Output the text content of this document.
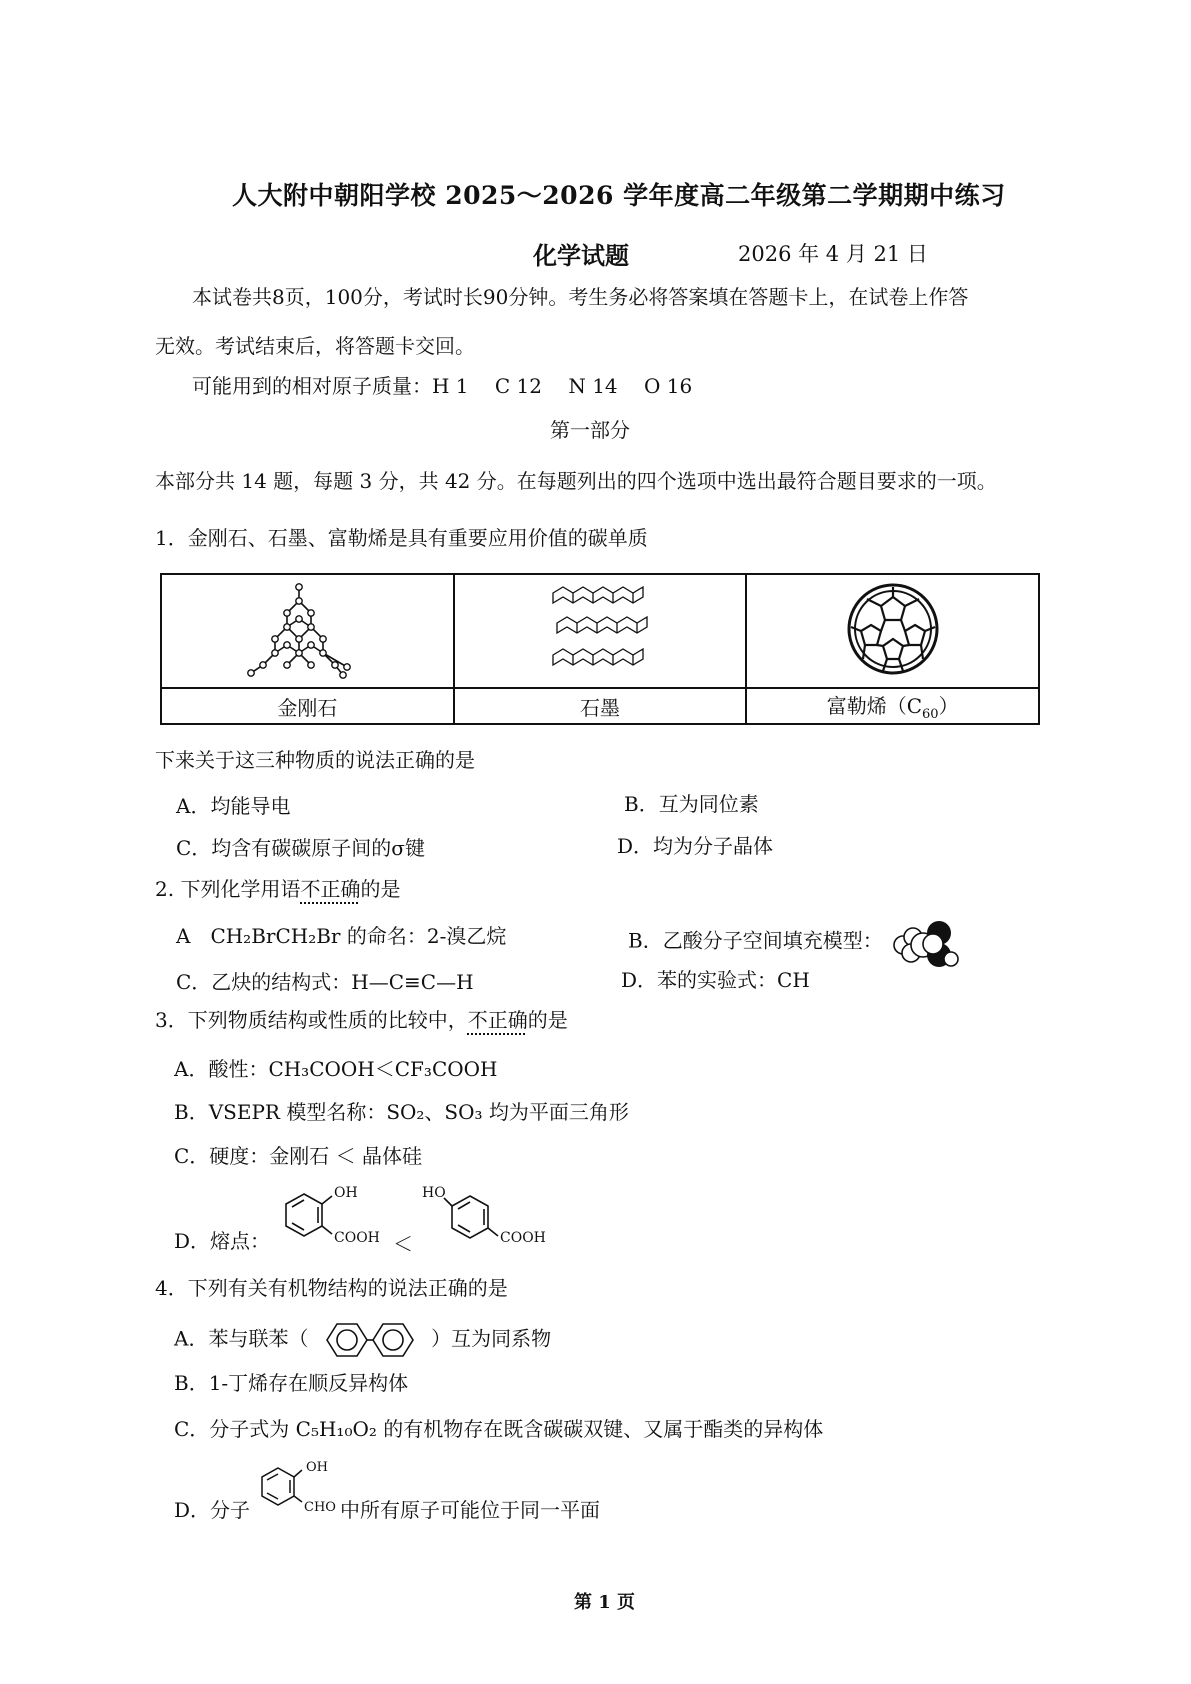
人大附中朝阳学校 2025～2026 学年度高二年级第二学期期中练习
化学试题	2026 年 4 月 21 日
本试卷共8页，100分，考试时长90分钟。考生务必将答案填在答题卡上，在试卷上作答
无效。考试结束后，将答题卡交回。
可能用到的相对原子质量：H 1　 C 12　 N 14　 O 16
第一部分
本部分共 14 题，每题 3 分，共 42 分。在每题列出的四个选项中选出最符合题目要求的一项。
1．金刚石、石墨、富勒烯是具有重要应用价值的碳单质

金刚石	石墨	富勒烯$(C_{60})$
下来关于这三种物质的说法正确的是
A．均能导电	B．互为同位素
C．均含有碳碳原子间的σ键	D．均为分子晶体
2. 下列化学用语不正确的是
A　CH₂BrCH₂Br 的命名：2-溴乙烷	B．乙酸分子空间填充模型：
C．乙炔的结构式：H—C≡C—H	D．苯的实验式：CH
3．下列物质结构或性质的比较中，不正确的是
A．酸性：CH₃COOH＜CF₃COOH
B．VSEPR 模型名称：SO₂、SO₃ 均为平面三角形
C．硬度：金刚石 ＜ 晶体硅
D．熔点：
OH
COOH ＜
HO
COOH
4．下列有关有机物结构的说法正确的是
A．苯与联苯（	）互为同系物
B．1-丁烯存在顺反异构体
C．分子式为 C₅H₁₀O₂ 的有机物存在既含碳碳双键、又属于酯类的异构体
D．分子
OH
CHO 中所有原子可能位于同一平面
第 1 页
